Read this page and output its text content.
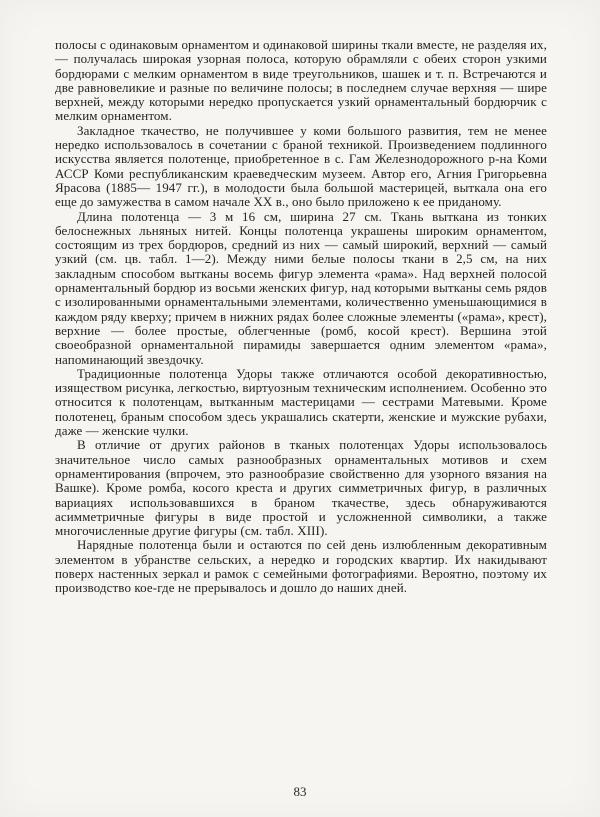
полосы с одинаковым орнаментом и одинаковой ширины ткали вместе, не разделяя их,— получалась широкая узорная полоса, которую обрамляли с обеих сторон узкими бордюрами с мелким орнаментом в виде треугольников, шашек и т. п. Встречаются и две равновеликие и разные по величине полосы; в последнем случае верхняя — шире верхней, между которыми нередко пропускается узкий орнаментальный бордюрчик с мелким орнаментом.

Закладное ткачество, не получившее у коми большого развития, тем не менее нередко использовалось в сочетании с браной техникой. Произведением подлинного искусства является полотенце, приобретенное в с. Гам Железнодорожного р-на Коми АССР Коми республиканским краеведческим музеем. Автор его, Агния Григорьевна Ярасова (1885— 1947 гг.), в молодости была большой мастерицей, выткала она его еще до замужества в самом начале XX в., оно было приложено к ее приданому.

Длина полотенца — 3 м 16 см, ширина 27 см. Ткань выткана из тонких белоснежных льняных нитей. Концы полотенца украшены широким орнаментом, состоящим из трех бордюров, средний из них — самый широкий, верхний — самый узкий (см. цв. табл. 1—2). Между ними белые полосы ткани в 2,5 см, на них закладным способом вытканы восемь фигур элемента «рама». Над верхней полосой орнаментальный бордюр из восьми женских фигур, над которыми вытканы семь рядов с изолированными орнаментальными элементами, количественно уменьшающимися в каждом ряду кверху; причем в нижних рядах более сложные элементы («рама», крест), верхние — более простые, облегченные (ромб, косой крест). Вершина этой своеобразной орнаментальной пирамиды завершается одним элементом «рама», напоминающий звездочку.

Традиционные полотенца Удоры также отличаются особой декоративностью, изяществом рисунка, легкостью, виртуозным техническим исполнением. Особенно это относится к полотенцам, вытканным мастерицами — сестрами Матевыми. Кроме полотенец, браным способом здесь украшались скатерти, женские и мужские рубахи, даже — женские чулки.

В отличие от других районов в тканых полотенцах Удоры использовалось значительное число самых разнообразных орнаментальных мотивов и схем орнаментирования (впрочем, это разнообразие свойственно для узорного вязания на Вашке). Кроме ромба, косого креста и других симметричных фигур, в различных вариациях использовавшихся в браном ткачестве, здесь обнаруживаются асимметричные фигуры в виде простой и усложненной символики, а также многочисленные другие фигуры (см. табл. XIII).

Нарядные полотенца были и остаются по сей день излюбленным декоративным элементом в убранстве сельских, а нередко и городских квартир. Их накидывают поверх настенных зеркал и рамок с семейными фотографиями. Вероятно, поэтому их производство кое-где не прерывалось и дошло до наших дней.

83
